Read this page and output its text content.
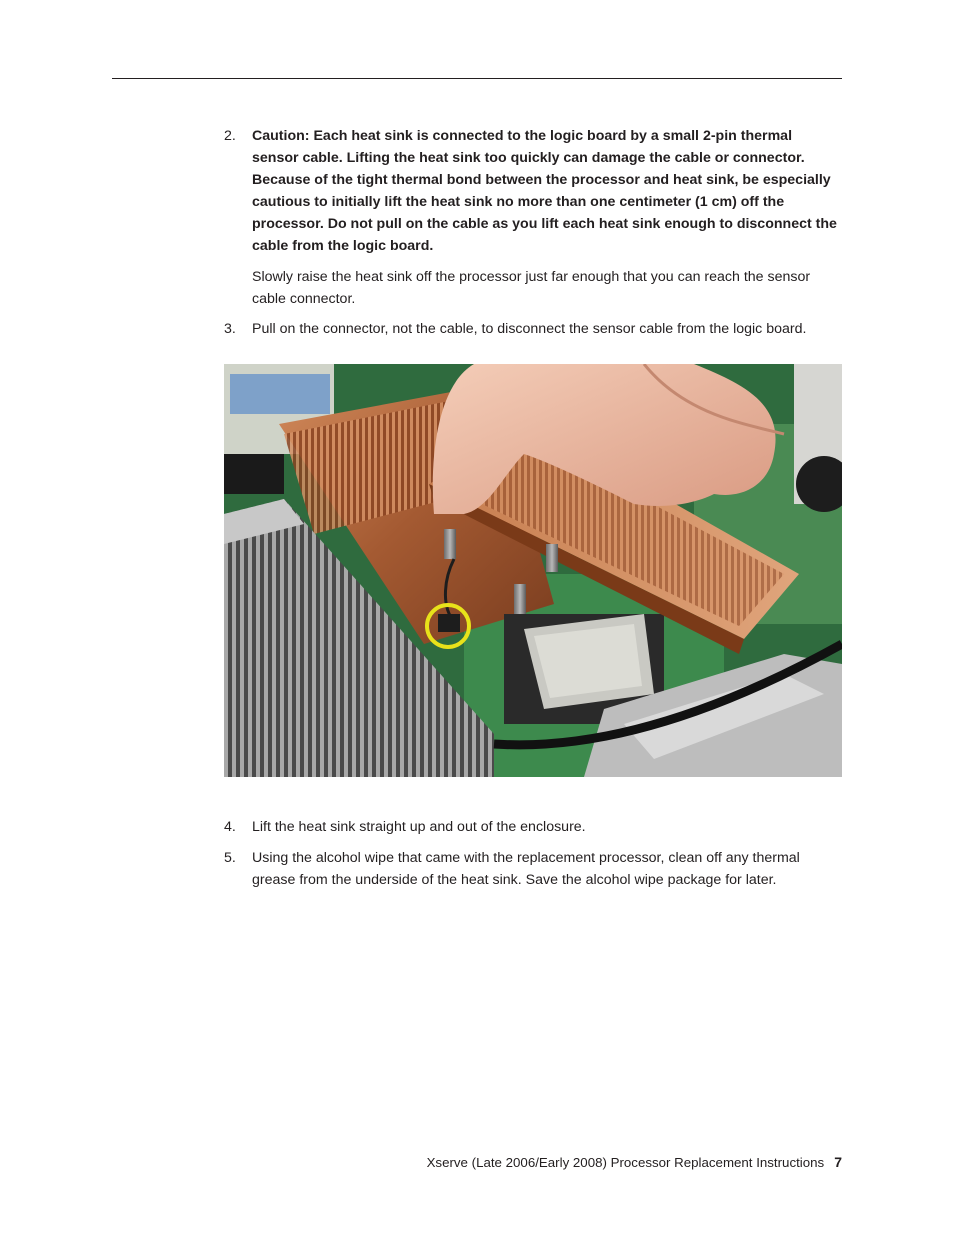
2. Caution: Each heat sink is connected to the logic board by a small 2-pin thermal sensor cable. Lifting the heat sink too quickly can damage the cable or connector. Because of the tight thermal bond between the processor and heat sink, be especially cautious to initially lift the heat sink no more than one centimeter (1 cm) off the processor. Do not pull on the cable as you lift each heat sink enough to disconnect the cable from the logic board.
Slowly raise the heat sink off the processor just far enough that you can reach the sensor cable connector.
3. Pull on the connector, not the cable, to disconnect the sensor cable from the logic board.
4. Lift the heat sink straight up and out of the enclosure.
5. Using the alcohol wipe that came with the replacement processor, clean off any thermal grease from the underside of the heat sink. Save the alcohol wipe package for later.
Xserve (Late 2006/Early 2008) Processor Replacement Instructions 7
